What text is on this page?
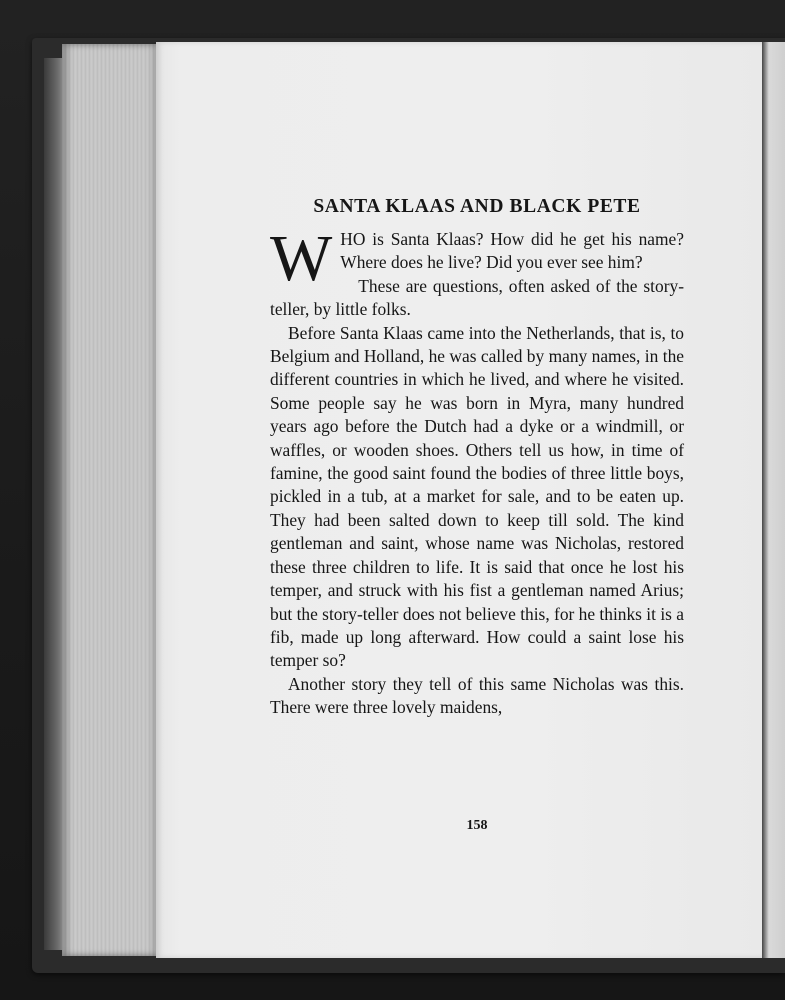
SANTA KLAAS AND BLACK PETE

WHO is Santa Klaas? How did he get his name? Where does he live? Did you ever see him?

These are questions, often asked of the story-teller, by little folks.

Before Santa Klaas came into the Netherlands, that is, to Belgium and Holland, he was called by many names, in the different countries in which he lived, and where he visited. Some people say he was born in Myra, many hundred years ago before the Dutch had a dyke or a windmill, or waffles, or wooden shoes. Others tell us how, in time of famine, the good saint found the bodies of three little boys, pickled in a tub, at a market for sale, and to be eaten up. They had been salted down to keep till sold. The kind gentleman and saint, whose name was Nicholas, restored these three children to life. It is said that once he lost his temper, and struck with his fist a gentleman named Arius; but the story-teller does not believe this, for he thinks it is a fib, made up long afterward. How could a saint lose his temper so?

Another story they tell of this same Nicholas was this. There were three lovely maidens,

158
